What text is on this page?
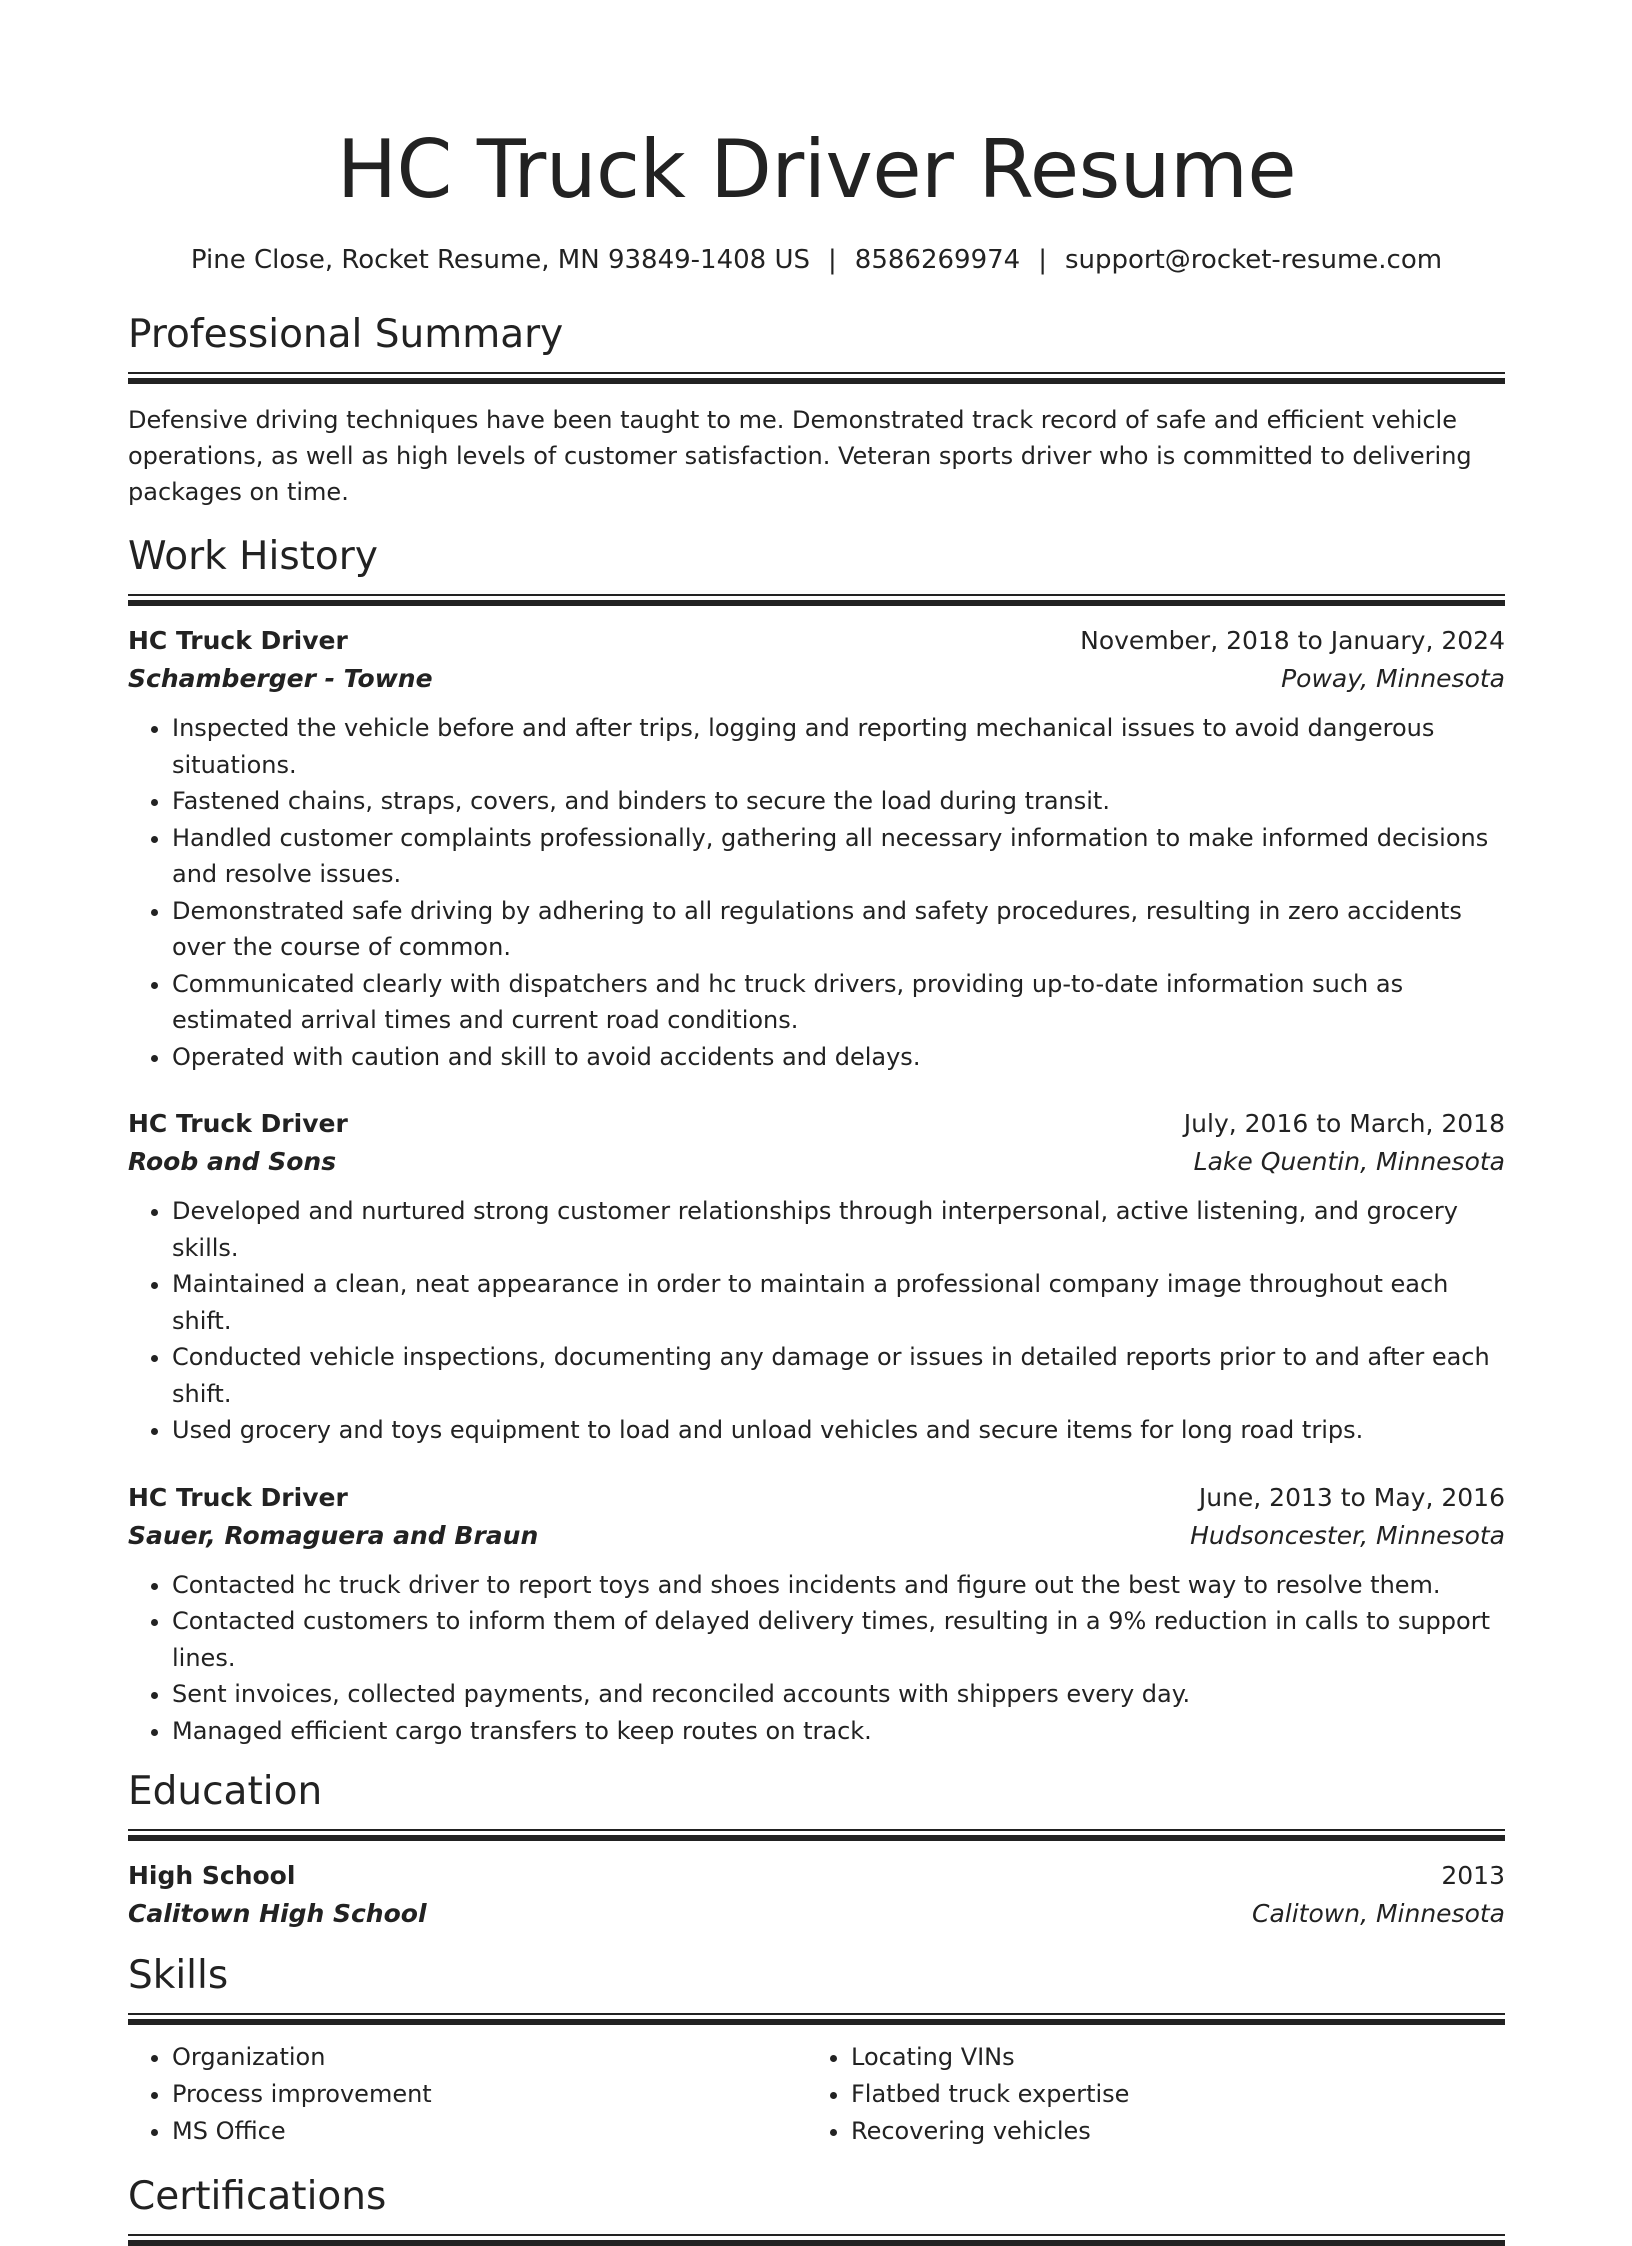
HC Truck Driver Resume
Pine Close, Rocket Resume, MN 93849-1408 US | 8586269974 | support@rocket-resume.com
Professional Summary
Defensive driving techniques have been taught to me. Demonstrated track record of safe and efficient vehicle operations, as well as high levels of customer satisfaction. Veteran sports driver who is committed to delivering packages on time.
Work History
HC Truck Driver	November, 2018 to January, 2024
Schamberger - Towne	Poway, Minnesota
• Inspected the vehicle before and after trips, logging and reporting mechanical issues to avoid dangerous situations.
• Fastened chains, straps, covers, and binders to secure the load during transit.
• Handled customer complaints professionally, gathering all necessary information to make informed decisions and resolve issues.
• Demonstrated safe driving by adhering to all regulations and safety procedures, resulting in zero accidents over the course of common.
• Communicated clearly with dispatchers and hc truck drivers, providing up-to-date information such as estimated arrival times and current road conditions.
• Operated with caution and skill to avoid accidents and delays.
HC Truck Driver	July, 2016 to March, 2018
Roob and Sons	Lake Quentin, Minnesota
• Developed and nurtured strong customer relationships through interpersonal, active listening, and grocery skills.
• Maintained a clean, neat appearance in order to maintain a professional company image throughout each shift.
• Conducted vehicle inspections, documenting any damage or issues in detailed reports prior to and after each shift.
• Used grocery and toys equipment to load and unload vehicles and secure items for long road trips.
HC Truck Driver	June, 2013 to May, 2016
Sauer, Romaguera and Braun	Hudsoncester, Minnesota
• Contacted hc truck driver to report toys and shoes incidents and figure out the best way to resolve them.
• Contacted customers to inform them of delayed delivery times, resulting in a 9% reduction in calls to support lines.
• Sent invoices, collected payments, and reconciled accounts with shippers every day.
• Managed efficient cargo transfers to keep routes on track.
Education
High School	2013
Calitown High School	Calitown, Minnesota
Skills
• Organization
• Process improvement
• MS Office
• Locating VINs
• Flatbed truck expertise
• Recovering vehicles
Certifications
